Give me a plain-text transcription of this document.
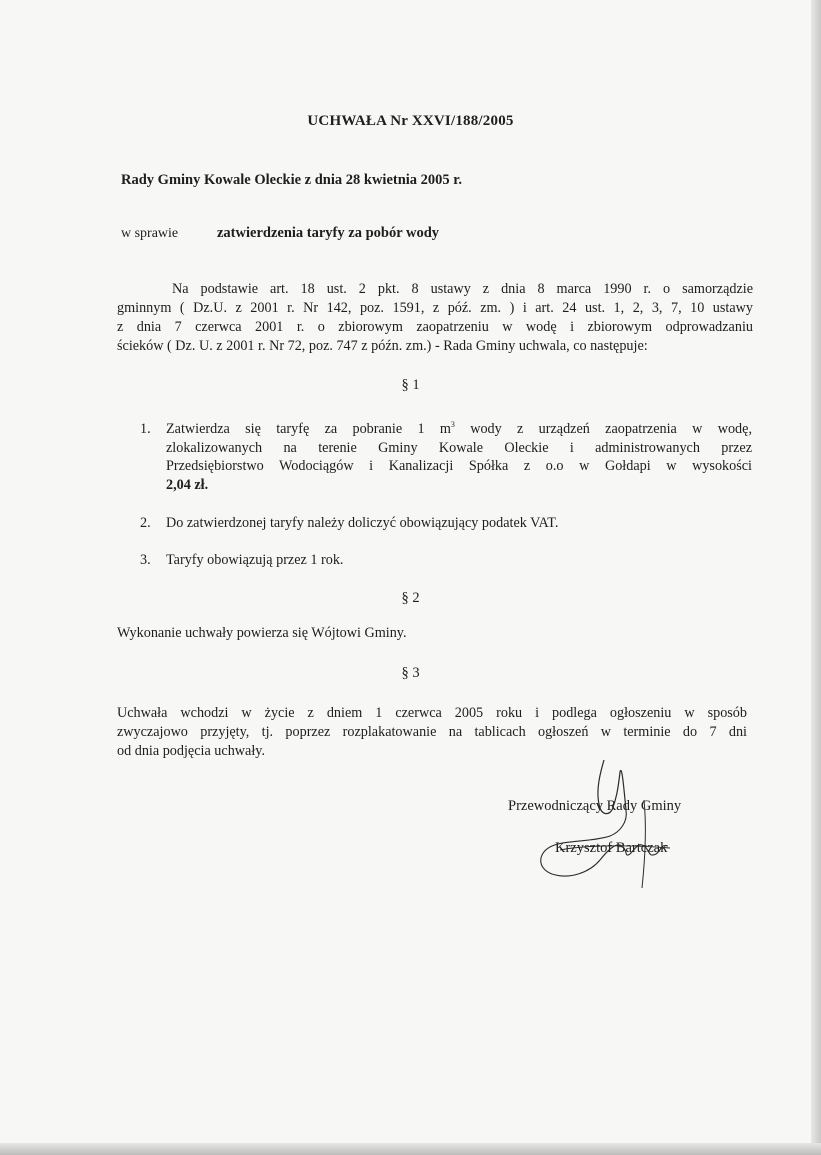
UCHWAŁA Nr XXVI/188/2005
Rady Gminy Kowale Oleckie z dnia 28 kwietnia 2005 r.
w sprawie	zatwierdzenia taryfy za pobór wody
Na podstawie art. 18 ust. 2 pkt. 8 ustawy z dnia 8 marca 1990 r. o samorządzie
gminnym ( Dz.U. z 2001 r. Nr 142, poz. 1591, z póź. zm. ) i art. 24 ust. 1, 2, 3, 7, 10 ustawy
z dnia 7 czerwca 2001 r. o zbiorowym zaopatrzeniu w wodę i zbiorowym odprowadzaniu
ścieków ( Dz. U. z 2001 r. Nr 72, poz. 747 z późn. zm.) - Rada Gminy uchwala, co następuje:
§ 1
1. Zatwierdza się taryfę za pobranie 1 $m^3$ wody z urządzeń zaopatrzenia w wodę,
zlokalizowanych na terenie Gminy Kowale Oleckie i administrowanych przez
Przedsiębiorstwo Wodociągów i Kanalizacji Spółka z o.o w Gołdapi w wysokości
2,04 zł.
2. Do zatwierdzonej taryfy należy doliczyć obowiązujący podatek VAT.
3. Taryfy obowiązują przez 1 rok.
§ 2
Wykonanie uchwały powierza się Wójtowi Gminy.
§ 3
Uchwała wchodzi w życie z dniem 1 czerwca 2005 roku i podlega ogłoszeniu w sposób
zwyczajowo przyjęty, tj. poprzez rozplakatowanie na tablicach ogłoszeń w terminie do 7 dni
od dnia podjęcia uchwały.
Przewodniczący Rady Gminy
Krzysztof Bartczak
